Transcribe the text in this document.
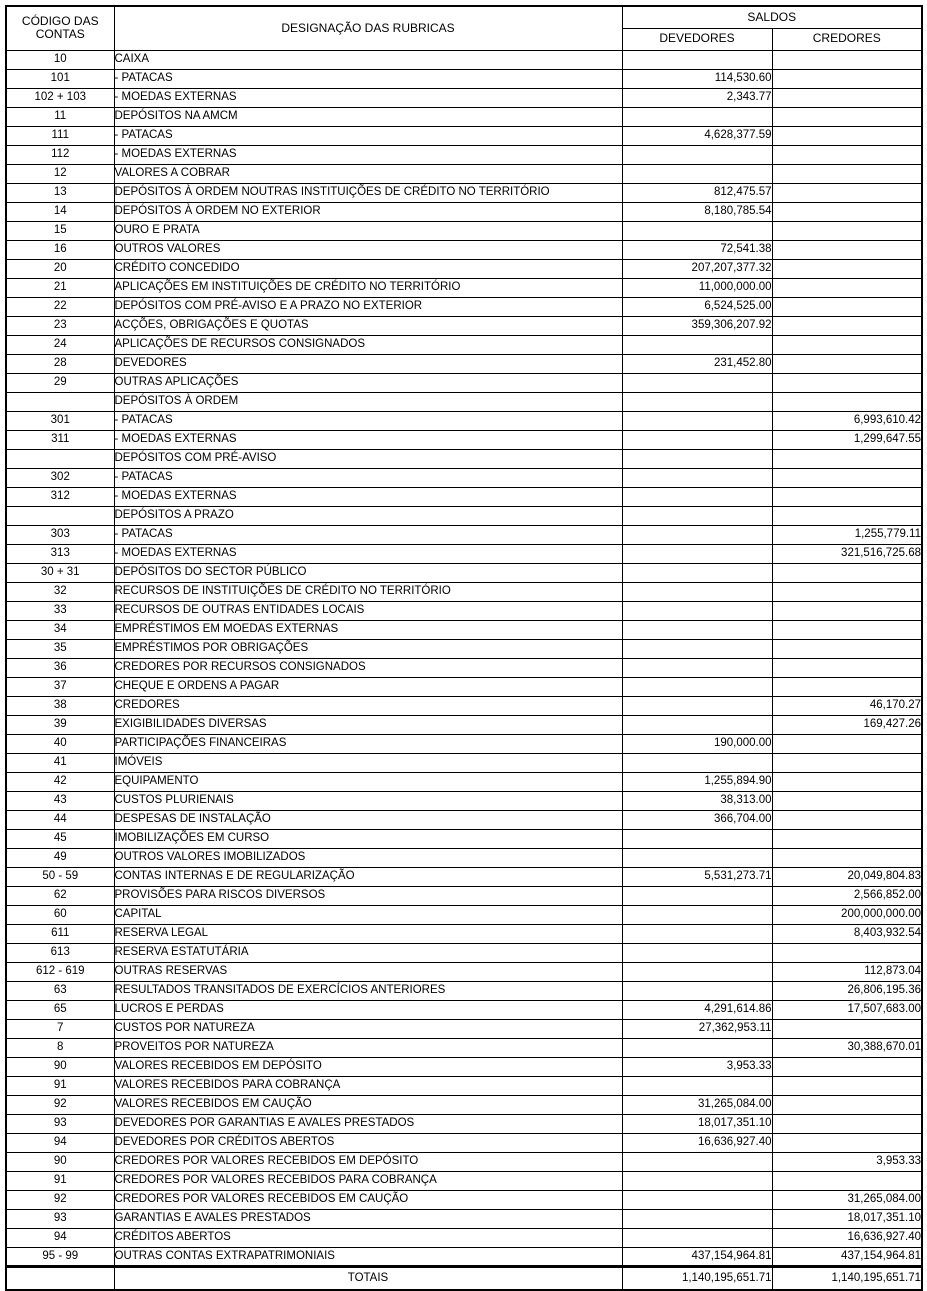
CÓDIGO DAS
CONTAS	DESIGNAÇÃO DAS RUBRICAS	SALDOS	
		DEVEDORES	CREDORES
10	CAIXA		
101	- PATACAS	114,530.60	
102 + 103	- MOEDAS EXTERNAS	2,343.77	
11	DEPÓSITOS NA AMCM		
111	- PATACAS	4,628,377.59	
112	- MOEDAS EXTERNAS		
12	VALORES A COBRAR		
13	DEPÓSITOS À ORDEM NOUTRAS INSTITUIÇÕES DE CRÉDITO NO TERRITÓRIO	812,475.57	
14	DEPÓSITOS À ORDEM NO EXTERIOR	8,180,785.54	
15	OURO E PRATA		
16	OUTROS VALORES	72,541.38	
20	CRÉDITO CONCEDIDO	207,207,377.32	
21	APLICAÇÕES EM INSTITUIÇÕES DE CRÉDITO NO TERRITÓRIO	11,000,000.00	
22	DEPÓSITOS COM PRÉ-AVISO E A PRAZO NO EXTERIOR	6,524,525.00	
23	ACÇÕES, OBRIGAÇÕES E QUOTAS	359,306,207.92	
24	APLICAÇÕES DE RECURSOS CONSIGNADOS		
28	DEVEDORES	231,452.80	
29	OUTRAS APLICAÇÕES		
	DEPÓSITOS À ORDEM		
301	- PATACAS		6,993,610.42
311	- MOEDAS EXTERNAS		1,299,647.55
	DEPÓSITOS COM PRÉ-AVISO		
302	- PATACAS		
312	- MOEDAS EXTERNAS		
	DEPÓSITOS A PRAZO		
303	- PATACAS		1,255,779.11
313	- MOEDAS EXTERNAS		321,516,725.68
30 + 31	DEPÓSITOS DO SECTOR PÚBLICO		
32	RECURSOS DE INSTITUIÇÕES DE CRÉDITO NO TERRITÓRIO		
33	RECURSOS DE OUTRAS ENTIDADES LOCAIS		
34	EMPRÉSTIMOS EM MOEDAS EXTERNAS		
35	EMPRÉSTIMOS POR OBRIGAÇÕES		
36	CREDORES POR RECURSOS CONSIGNADOS		
37	CHEQUE E ORDENS A PAGAR		
38	CREDORES		46,170.27
39	EXIGIBILIDADES DIVERSAS		169,427.26
40	PARTICIPAÇÕES FINANCEIRAS	190,000.00	
41	IMÓVEIS		
42	EQUIPAMENTO	1,255,894.90	
43	CUSTOS PLURIENAIS	38,313.00	
44	DESPESAS DE INSTALAÇÃO	366,704.00	
45	IMOBILIZAÇÕES EM CURSO		
49	OUTROS VALORES IMOBILIZADOS		
50 - 59	CONTAS INTERNAS E DE REGULARIZAÇÃO	5,531,273.71	20,049,804.83
62	PROVISÕES PARA RISCOS DIVERSOS		2,566,852.00
60	CAPITAL		200,000,000.00
611	RESERVA LEGAL		8,403,932.54
613	RESERVA ESTATUTÁRIA		
612 - 619	OUTRAS RESERVAS		112,873.04
63	RESULTADOS TRANSITADOS DE EXERCÍCIOS ANTERIORES		26,806,195.36
65	LUCROS E PERDAS	4,291,614.86	17,507,683.00
7	CUSTOS POR NATUREZA	27,362,953.11	
8	PROVEITOS POR NATUREZA		30,388,670.01
90	VALORES RECEBIDOS EM DEPÓSITO	3,953.33	
91	VALORES RECEBIDOS PARA COBRANÇA		
92	VALORES RECEBIDOS EM CAUÇÃO	31,265,084.00	
93	DEVEDORES POR GARANTIAS E AVALES PRESTADOS	18,017,351.10	
94	DEVEDORES POR CRÉDITOS ABERTOS	16,636,927.40	
90	CREDORES POR VALORES RECEBIDOS EM DEPÓSITO		3,953.33
91	CREDORES POR VALORES RECEBIDOS PARA COBRANÇA		
92	CREDORES POR VALORES RECEBIDOS EM CAUÇÃO		31,265,084.00
93	GARANTIAS E AVALES PRESTADOS		18,017,351.10
94	CRÉDITOS ABERTOS		16,636,927.40
95 - 99	OUTRAS CONTAS EXTRAPATRIMONIAIS	437,154,964.81	437,154,964.81
	TOTAIS	1,140,195,651.71	1,140,195,651.71
